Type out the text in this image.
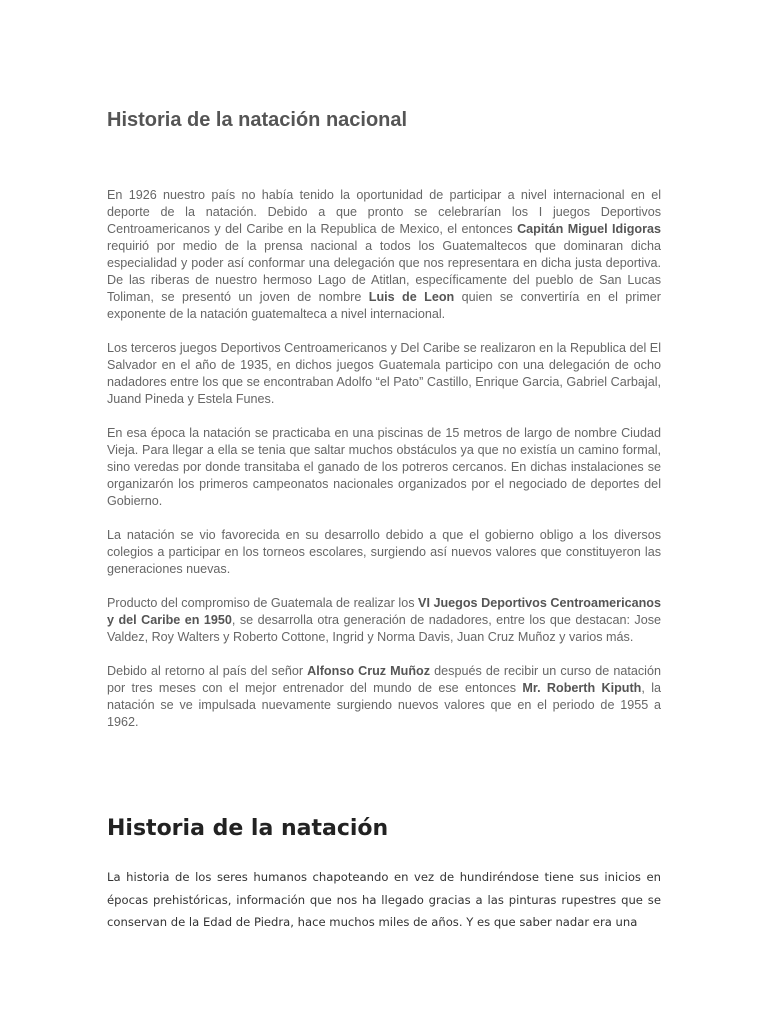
Historia de la natación nacional

En 1926 nuestro país no había tenido la oportunidad de participar a nivel internacional en el deporte de la natación. Debido a que pronto se celebrarían los I juegos Deportivos Centroamericanos y del Caribe en la Republica de Mexico, el entonces Capitán Miguel Idigoras requirió por medio de la prensa nacional a todos los Guatemaltecos que dominaran dicha especialidad y poder así conformar una delegación que nos representara en dicha justa deportiva. De las riberas de nuestro hermoso Lago de Atitlan, específicamente del pueblo de San Lucas Toliman, se presentó un joven de nombre Luis de Leon quien se convertiría en el primer exponente de la natación guatemalteca a nivel internacional.

Los terceros juegos Deportivos Centroamericanos y Del Caribe se realizaron en la Republica del El Salvador en el año de 1935, en dichos juegos Guatemala participo con una delegación de ocho nadadores entre los que se encontraban Adolfo “el Pato” Castillo, Enrique Garcia, Gabriel Carbajal, Juand Pineda y Estela Funes.

En esa época la natación se practicaba en una piscinas de 15 metros de largo de nombre Ciudad Vieja. Para llegar a ella se tenia que saltar muchos obstáculos ya que no existía un camino formal, sino veredas por donde transitaba el ganado de los potreros cercanos. En dichas instalaciones se organizarón los primeros campeonatos nacionales organizados por el negociado de deportes del Gobierno.

La natación se vio favorecida en su desarrollo debido a que el gobierno obligo a los diversos colegios a participar en los torneos escolares, surgiendo así nuevos valores que constituyeron las generaciones nuevas.

Producto del compromiso de Guatemala de realizar los VI Juegos Deportivos Centroamericanos y del Caribe en 1950, se desarrolla otra generación de nadadores, entre los que destacan: Jose Valdez, Roy Walters y Roberto Cottone, Ingrid y Norma Davis, Juan Cruz Muñoz y varios más.

Debido al retorno al país del señor Alfonso Cruz Muñoz después de recibir un curso de natación por tres meses con el mejor entrenador del mundo de ese entonces Mr. Roberth Kiputh, la natación se ve impulsada nuevamente surgiendo nuevos valores que en el periodo de 1955 a 1962.

Historia de la natación

La historia de los seres humanos chapoteando en vez de hundiréndose tiene sus inicios en épocas prehistóricas, información que nos ha llegado gracias a las pinturas rupestres que se conservan de la Edad de Piedra, hace muchos miles de años. Y es que saber nadar era una
